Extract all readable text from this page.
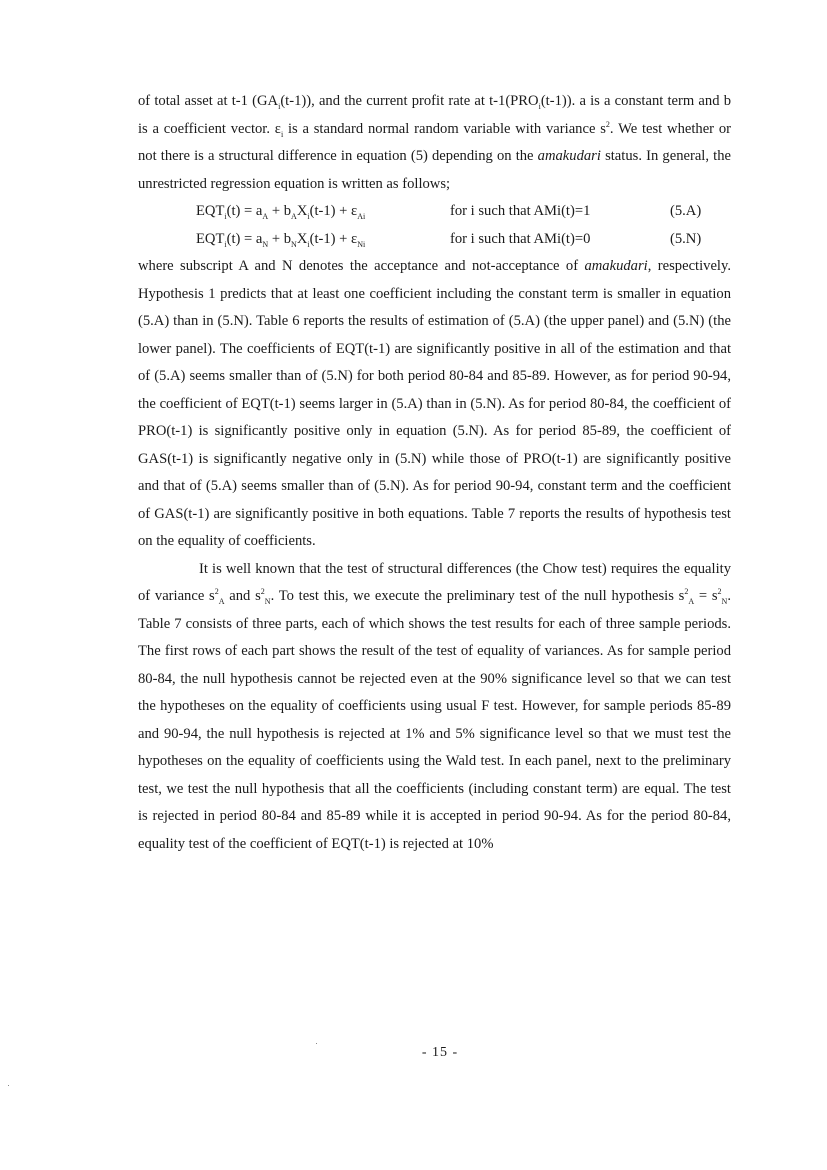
of total asset at t-1 $(GA_i(t-1))$, and the current profit rate at $t-1(PRO_i(t-1))$. a is a constant term and b is a coefficient vector. $\varepsilon_i$ is a standard normal random variable with variance $s^2$. We test whether or not there is a structural difference in equation (5) depending on the amakudari status. In general, the unrestricted regression equation is written as follows;

$EQT_i(t) = a_A + b_AX_i(t-1) + \varepsilon_{Ai}$	for i such that AMi(t)=1	(5.A)
$EQT_i(t) = a_N + b_NX_i(t-1) + \varepsilon_{Ni}$	for i such that AMi(t)=0	(5.N)

where subscript A and N denotes the acceptance and not-acceptance of amakudari, respectively. Hypothesis 1 predicts that at least one coefficient including the constant term is smaller in equation (5.A) than in (5.N). Table 6 reports the results of estimation of (5.A) (the upper panel) and (5.N) (the lower panel). The coefficients of EQT(t-1) are significantly positive in all of the estimation and that of (5.A) seems smaller than of (5.N) for both period 80-84 and 85-89. However, as for period 90-94, the coefficient of EQT(t-1) seems larger in (5.A) than in (5.N). As for period 80-84, the coefficient of PRO(t-1) is significantly positive only in equation (5.N). As for period 85-89, the coefficient of GAS(t-1) is significantly negative only in (5.N) while those of PRO(t-1) are significantly positive and that of (5.A) seems smaller than of (5.N). As for period 90-94, constant term and the coefficient of GAS(t-1) are significantly positive in both equations. Table 7 reports the results of hypothesis test on the equality of coefficients.

It is well known that the test of structural differences (the Chow test) requires the equality of variance $s^2_A$ and $s^2_N$. To test this, we execute the preliminary test of the null hypothesis $s^2_A = s^2_N$. Table 7 consists of three parts, each of which shows the test results for each of three sample periods. The first rows of each part shows the result of the test of equality of variances. As for sample period 80-84, the null hypothesis cannot be rejected even at the 90% significance level so that we can test the hypotheses on the equality of coefficients using usual F test. However, for sample periods 85-89 and 90-94, the null hypothesis is rejected at 1% and 5% significance level so that we must test the hypotheses on the equality of coefficients using the Wald test. In each panel, next to the preliminary test, we test the null hypothesis that all the coefficients (including constant term) are equal. The test is rejected in period 80-84 and 85-89 while it is accepted in period 90-94. As for the period 80-84, equality test of the coefficient of EQT(t-1) is rejected at 10%

- 15 -
